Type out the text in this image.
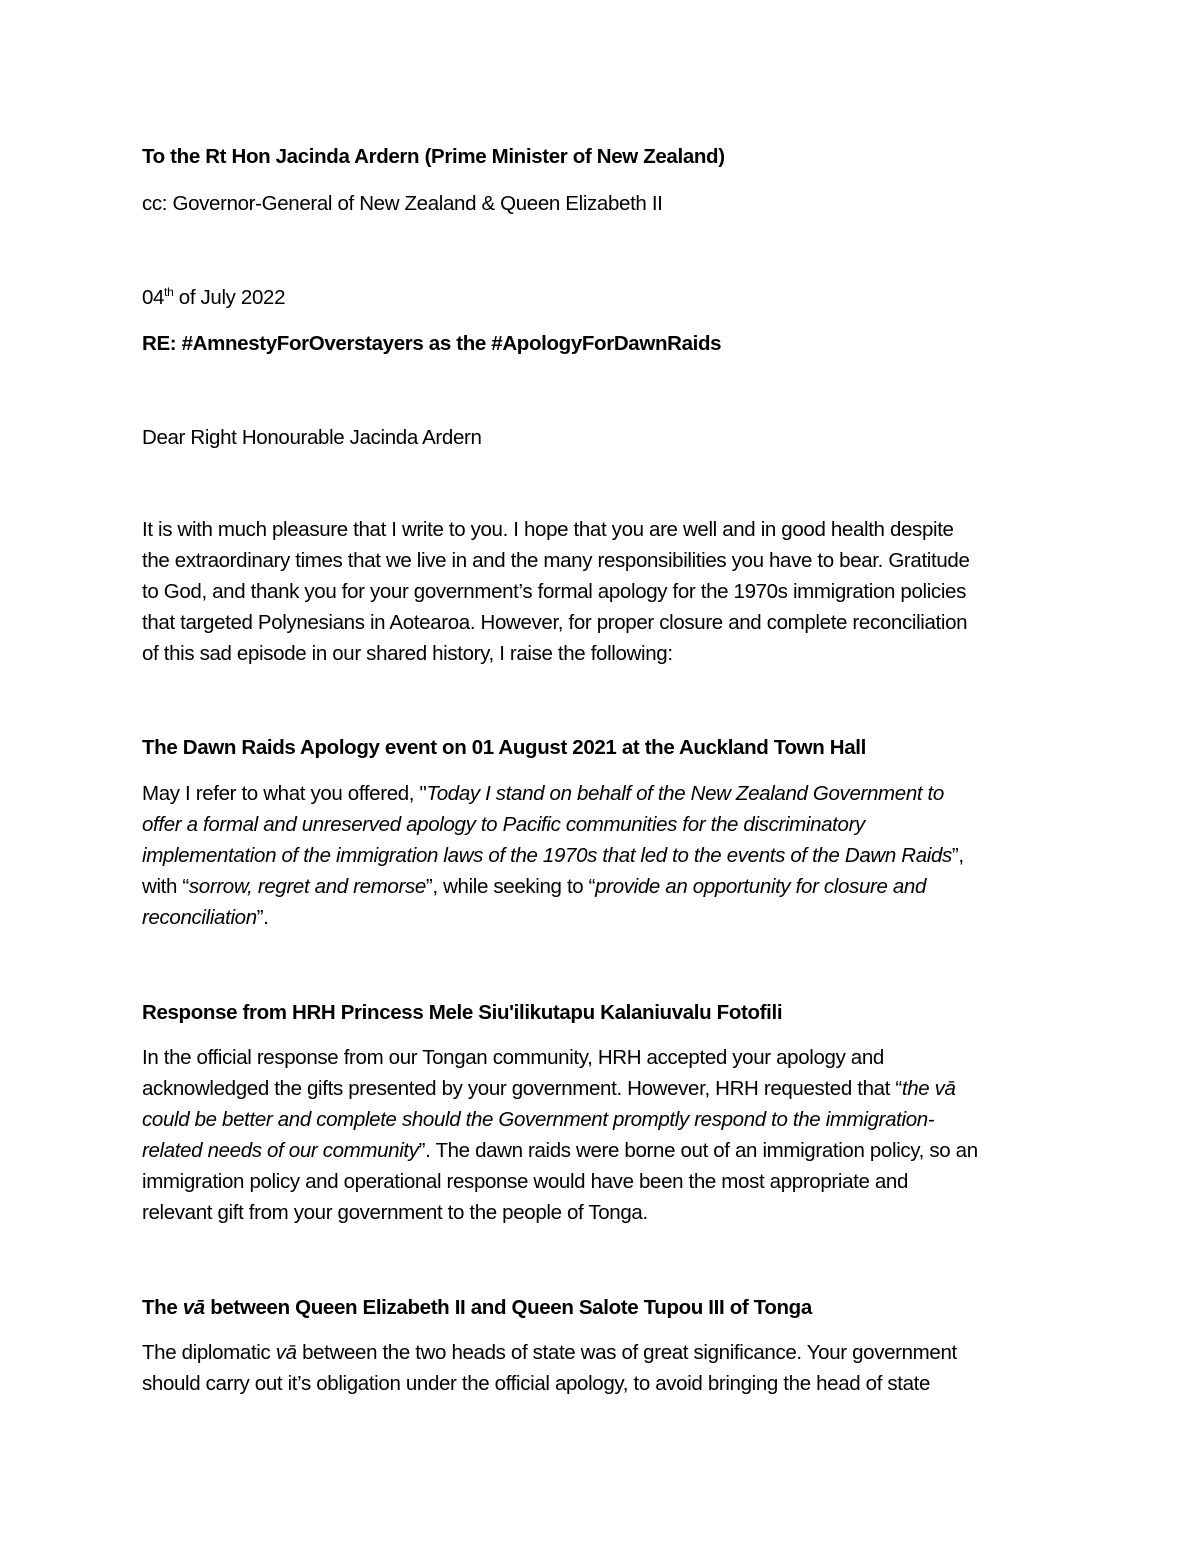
To the Rt Hon Jacinda Ardern (Prime Minister of New Zealand)
cc: Governor-General of New Zealand & Queen Elizabeth II
04th of July 2022
RE: #AmnestyForOverstayers as the #ApologyForDawnRaids
Dear Right Honourable Jacinda Ardern
It is with much pleasure that I write to you. I hope that you are well and in good health despite
the extraordinary times that we live in and the many responsibilities you have to bear. Gratitude
to God, and thank you for your government’s formal apology for the 1970s immigration policies
that targeted Polynesians in Aotearoa. However, for proper closure and complete reconciliation
of this sad episode in our shared history, I raise the following:
The Dawn Raids Apology event on 01 August 2021 at the Auckland Town Hall
May I refer to what you offered, "Today I stand on behalf of the New Zealand Government to
offer a formal and unreserved apology to Pacific communities for the discriminatory
implementation of the immigration laws of the 1970s that led to the events of the Dawn Raids”,
with “sorrow, regret and remorse”, while seeking to “provide an opportunity for closure and
reconciliation”.
Response from HRH Princess Mele Siu'ilikutapu Kalaniuvalu Fotofili
In the official response from our Tongan community, HRH accepted your apology and
acknowledged the gifts presented by your government. However, HRH requested that “the vā
could be better and complete should the Government promptly respond to the immigration-
related needs of our community”. The dawn raids were borne out of an immigration policy, so an
immigration policy and operational response would have been the most appropriate and
relevant gift from your government to the people of Tonga.
The vā between Queen Elizabeth II and Queen Salote Tupou III of Tonga
The diplomatic vā between the two heads of state was of great significance. Your government
should carry out it’s obligation under the official apology, to avoid bringing the head of state
